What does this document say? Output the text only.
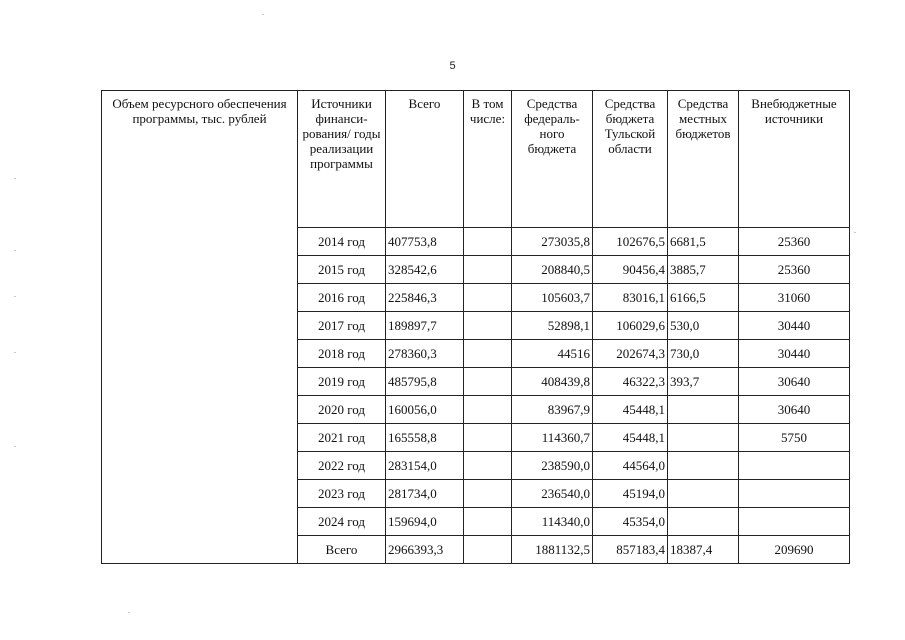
5
Объем ресурсного обеспечения программы, тыс. рублей	Источники финанси-рования/ годы реализации программы	Всего	В том числе:	Средства федераль-ного бюджета	Средства бюджета Тульской области	Средства местных бюджетов	Внебюджетные источники
	2014 год	407753,8		273035,8	102676,5	6681,5	25360
	2015 год	328542,6		208840,5	90456,4	3885,7	25360
	2016 год	225846,3		105603,7	83016,1	6166,5	31060
	2017 год	189897,7		52898,1	106029,6	530,0	30440
	2018 год	278360,3		44516	202674,3	730,0	30440
	2019 год	485795,8		408439,8	46322,3	393,7	30640
	2020 год	160056,0		83967,9	45448,1		30640
	2021 год	165558,8		114360,7	45448,1		5750
	2022 год	283154,0		238590,0	44564,0		
	2023 год	281734,0		236540,0	45194,0		
	2024 год	159694,0		114340,0	45354,0		
	Всего	2966393,3		1881132,5	857183,4	18387,4	209690
